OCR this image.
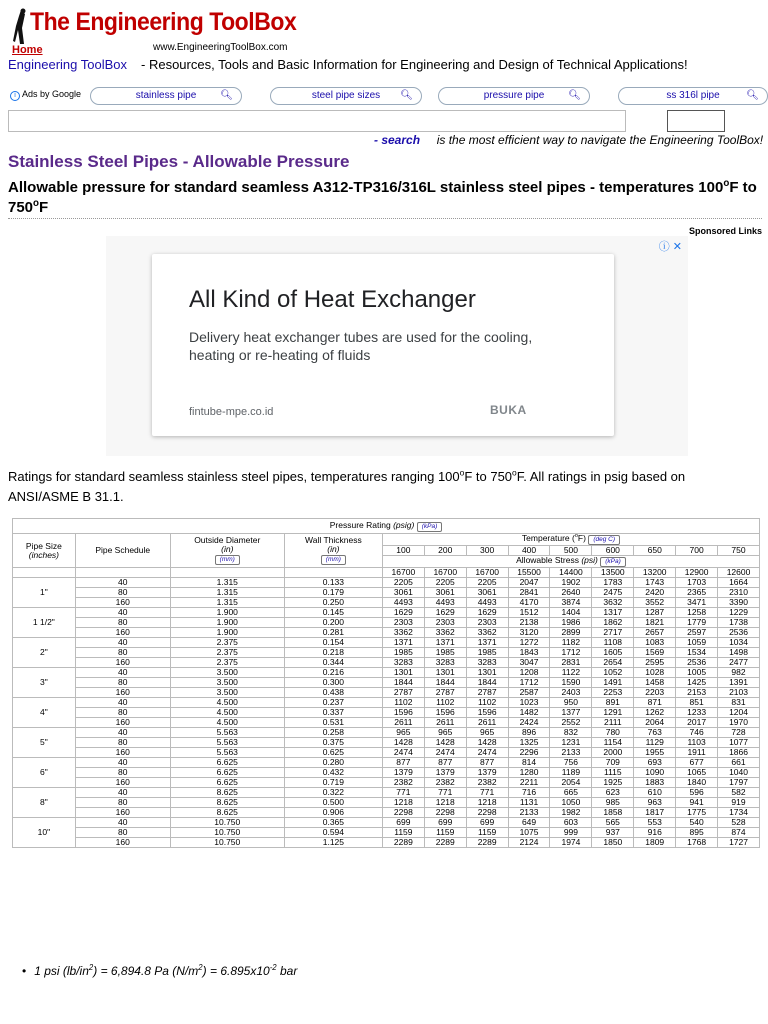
The Engineering ToolBox
Home	www.EngineeringToolBox.com
Engineering ToolBox - Resources, Tools and Basic Information for Engineering and Design of Technical Applications!
i Ads by Google	stainless pipe 🔍︎	steel pipe sizes 🔍︎	pressure pipe 🔍︎	ss 316l pipe	🔍︎
- search is the most efficient way to navigate the Engineering ToolBox!
Stainless Steel Pipes - Allowable Pressure
Allowable pressure for standard seamless A312-TP316/316L stainless steel pipes - temperatures 100$^o$F to 750$^o$F
Sponsored Links
ⓘ ✕
All Kind of Heat Exchanger
Delivery heat exchanger tubes are used for the cooling, heating or re-heating of fluids
fintube-mpe.co.id	BUKA
Ratings for standard seamless stainless steel pipes, temperatures ranging 100$^o$F to 750$^o$F. All ratings in psig based on ANSI/ASME B 31.1.
Pressure Rating (psig) (kPa)												
Pipe Size
(inches)	Pipe Schedule	Outside Diameter
(in)
(mm)	Wall Thickness
(in)
(mm)	Temperature ($^o$F) (deg C)								
				100	200	300	400	500	600	650	700	750
				Allowable Stress (psi) (kPa)								
				16700	16700	16700	15500	14400	13500	13200	12900	12600
1"	40	1.315	0.133	2205	2205	2205	2047	1902	1783	1743	1703	1664
	80	1.315	0.179	3061	3061	3061	2841	2640	2475	2420	2365	2310
	160	1.315	0.250	4493	4493	4493	4170	3874	3632	3552	3471	3390
1 1/2"	40	1.900	0.145	1629	1629	1629	1512	1404	1317	1287	1258	1229
	80	1.900	0.200	2303	2303	2303	2138	1986	1862	1821	1779	1738
	160	1.900	0.281	3362	3362	3362	3120	2899	2717	2657	2597	2536
2"	40	2.375	0.154	1371	1371	1371	1272	1182	1108	1083	1059	1034
	80	2.375	0.218	1985	1985	1985	1843	1712	1605	1569	1534	1498
	160	2.375	0.344	3283	3283	3283	3047	2831	2654	2595	2536	2477
3"	40	3.500	0.216	1301	1301	1301	1208	1122	1052	1028	1005	982
	80	3.500	0.300	1844	1844	1844	1712	1590	1491	1458	1425	1391
	160	3.500	0.438	2787	2787	2787	2587	2403	2253	2203	2153	2103
4"	40	4.500	0.237	1102	1102	1102	1023	950	891	871	851	831
	80	4.500	0.337	1596	1596	1596	1482	1377	1291	1262	1233	1204
	160	4.500	0.531	2611	2611	2611	2424	2552	2111	2064	2017	1970
5"	40	5.563	0.258	965	965	965	896	832	780	763	746	728
	80	5.563	0.375	1428	1428	1428	1325	1231	1154	1129	1103	1077
	160	5.563	0.625	2474	2474	2474	2296	2133	2000	1955	1911	1866
6"	40	6.625	0.280	877	877	877	814	756	709	693	677	661
	80	6.625	0.432	1379	1379	1379	1280	1189	1115	1090	1065	1040
	160	6.625	0.719	2382	2382	2382	2211	2054	1925	1883	1840	1797
8"	40	8.625	0.322	771	771	771	716	665	623	610	596	582
	80	8.625	0.500	1218	1218	1218	1131	1050	985	963	941	919
	160	8.625	0.906	2298	2298	2298	2133	1982	1858	1817	1775	1734
10"	40	10.750	0.365	699	699	699	649	603	565	553	540	528
	80	10.750	0.594	1159	1159	1159	1075	999	937	916	895	874
	160	10.750	1.125	2289	2289	2289	2124	1974	1850	1809	1768	1727
• 1 psi $(lb/in^2) = 6,894.8$ Pa $(N/m^2) = 6.895x10^{-2}$ bar
